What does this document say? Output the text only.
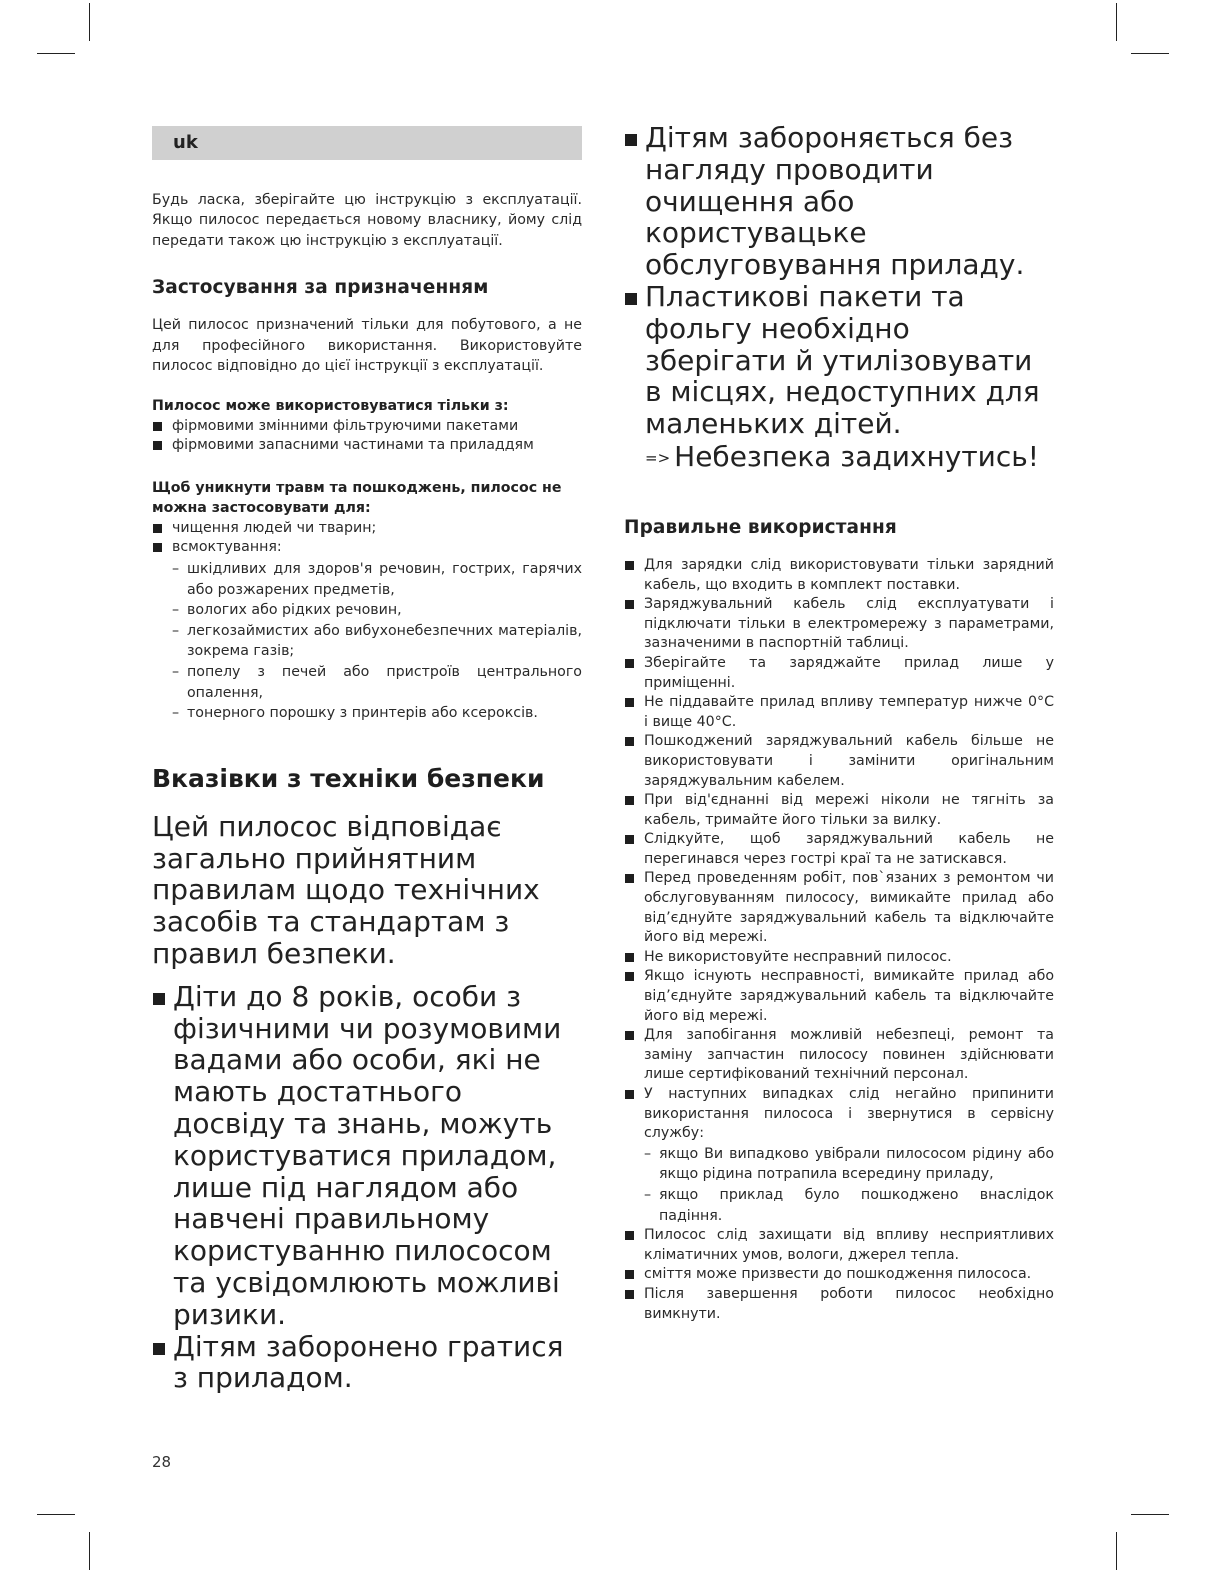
uk

Будь ласка, зберігайте цю інструкцію з експлуатації. Якщо пилосос передається новому власнику, йому слід передати також цю інструкцію з експлуатації.

Застосування за призначенням

Цей пилосос призначений тільки для побутового, а не для професійного використання. Використовуйте пилосос відповідно до цієї інструкції з експлуатації.

Пилосос може використовуватися тільки з:

фірмовими змінними фільтруючими пакетами
фірмовими запасними частинами та приладдям

Щоб уникнути травм та пошкоджень, пилосос не можна застосовувати для:

чищення людей чи тварин;
всмоктування:
– шкідливих для здоров'я речовин, гострих, гарячих або розжарених предметів,
– вологих або рідких речовин,
– легкозаймистих або вибухонебезпечних матеріалів, зокрема газів;
– попелу з печей або пристроїв центрального опалення,
– тонерного порошку з принтерів або ксероксів.
Вказівки з техніки безпеки

Цей пилосос відповідає загально прийнятним правилам щодо технічних засобів та стандартам з правил безпеки.

Діти до 8 років, особи з фізичними чи розумовими вадами або особи, які не мають достатнього досвіду та знань, можуть користуватися приладом, лише під наглядом або навчені правильному користуванню пилососом та усвідомлюють можливі ризики.
Дітям заборонено гратися з приладом.
Дітям забороняється без нагляду проводити очищення або користувацьке обслуговування приладу.
Пластикові пакети та фольгу необхідно зберігати й утилізовувати в місцях, недоступних для маленьких дітей.
=> Небезпека задихнутись!
Правильне використання
Для зарядки слід використовувати тільки зарядний кабель, що входить в комплект поставки.
Заряджувальний кабель слід експлуатувати і підключати тільки в електромережу з параметрами, зазначеними в паспортній таблиці.
Зберігайте та заряджайте прилад лише у приміщенні.
Не піддавайте прилад впливу температур нижче 0°C і вище 40°C.
Пошкоджений заряджувальний кабель більше не використовувати і замінити оригінальним заряджувальним кабелем.
При від'єднанні від мережі ніколи не тягніть за кабель, тримайте його тільки за вилку.
Слідкуйте, щоб заряджувальний кабель не перегинався через гострі краї та не затискався.
Перед проведенням робіт, пов`язаних з ремонтом чи обслуговуванням пилососу, вимикайте прилад або від’єднуйте заряджувальний кабель та відключайте його від мережі.
Не використовуйте несправний пилосос.
Якщо існують несправності, вимикайте прилад або від’єднуйте заряджувальний кабель та відключайте його від мережі.
Для запобігання можливій небезпеці, ремонт та заміну запчастин пилососу повинен здійснювати лише сертифікований технічний персонал.
У наступних випадках слід негайно припинити використання пилососа і звернутися в сервісну службу:
– якщо Ви випадково увібрали пилососом рідину або якщо рідина потрапила всередину приладу,
– якщо приклад було пошкоджено внаслідок падіння.
Пилосос слід захищати від впливу несприятливих кліматичних умов, вологи, джерел тепла.
сміття може призвести до пошкодження пилососа.
Після завершення роботи пилосос необхідно вимкнути.
28
